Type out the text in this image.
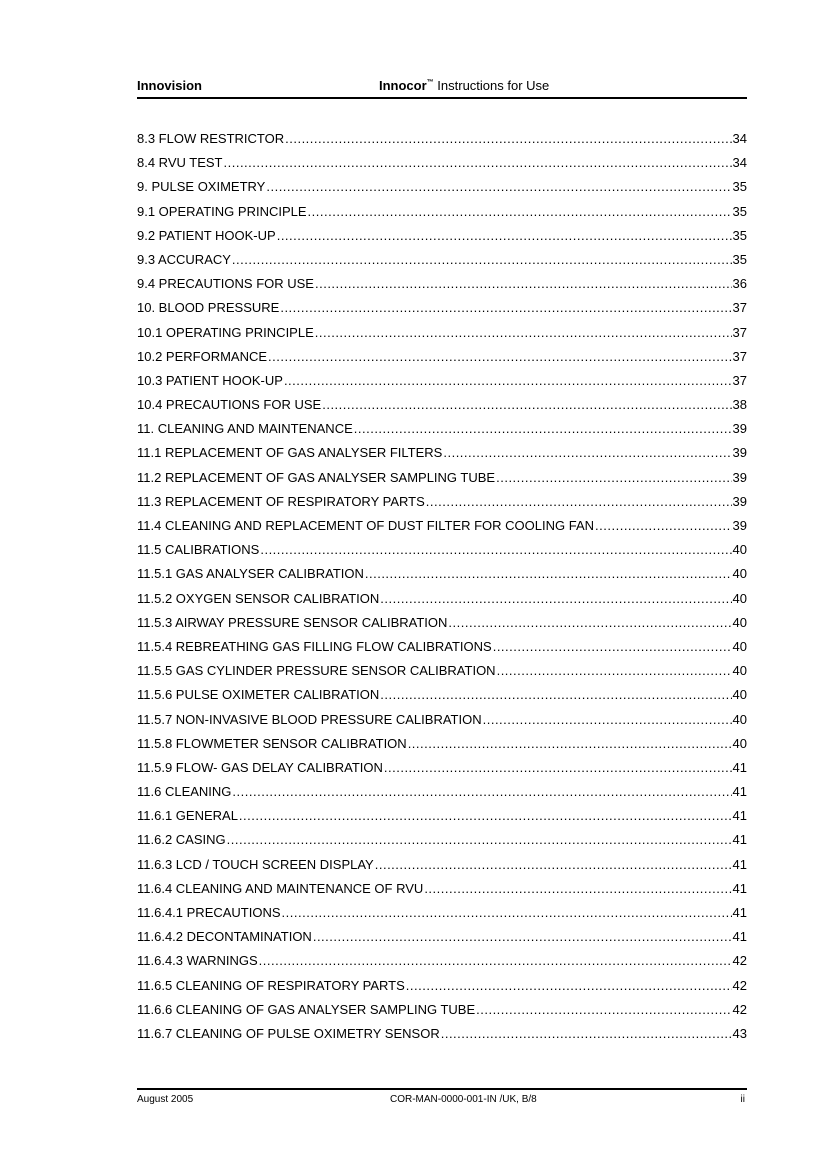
Innovision	Innocor™ Instructions for Use
8.3 FLOW RESTRICTOR .....	34
8.4 RVU TEST .....	34
9. PULSE OXIMETRY .....	35
9.1 OPERATING PRINCIPLE .....	35
9.2 PATIENT HOOK-UP .....	35
9.3 ACCURACY .....	35
9.4 PRECAUTIONS FOR USE .....	36
10. BLOOD PRESSURE .....	37
10.1 OPERATING PRINCIPLE .....	37
10.2 PERFORMANCE .....	37
10.3 PATIENT HOOK-UP .....	37
10.4 PRECAUTIONS FOR USE .....	38
11. CLEANING AND MAINTENANCE .....	39
11.1 REPLACEMENT OF GAS ANALYSER FILTERS .....	39
11.2 REPLACEMENT OF GAS ANALYSER SAMPLING TUBE .....	39
11.3 REPLACEMENT OF RESPIRATORY PARTS .....	39
11.4 CLEANING AND REPLACEMENT OF DUST FILTER FOR COOLING FAN .....	39
11.5 CALIBRATIONS .....	40
11.5.1 GAS ANALYSER CALIBRATION .....	40
11.5.2 OXYGEN SENSOR CALIBRATION .....	40
11.5.3 AIRWAY PRESSURE SENSOR CALIBRATION .....	40
11.5.4 REBREATHING GAS FILLING FLOW CALIBRATIONS .....	40
11.5.5 GAS CYLINDER PRESSURE SENSOR CALIBRATION .....	40
11.5.6 PULSE OXIMETER CALIBRATION .....	40
11.5.7 NON-INVASIVE BLOOD PRESSURE CALIBRATION .....	40
11.5.8 FLOWMETER SENSOR CALIBRATION .....	40
11.5.9 FLOW- GAS DELAY CALIBRATION .....	41
11.6 CLEANING .....	41
11.6.1 GENERAL .....	41
11.6.2 CASING .....	41
11.6.3 LCD / TOUCH SCREEN DISPLAY .....	41
11.6.4 CLEANING AND MAINTENANCE OF RVU .....	41
11.6.4.1 PRECAUTIONS .....	41
11.6.4.2 DECONTAMINATION .....	41
11.6.4.3 WARNINGS .....	42
11.6.5 CLEANING OF RESPIRATORY PARTS .....	42
11.6.6 CLEANING OF GAS ANALYSER SAMPLING TUBE .....	42
11.6.7 CLEANING OF PULSE OXIMETRY SENSOR .....	43
August 2005	COR-MAN-0000-001-IN /UK, B/8	ii
